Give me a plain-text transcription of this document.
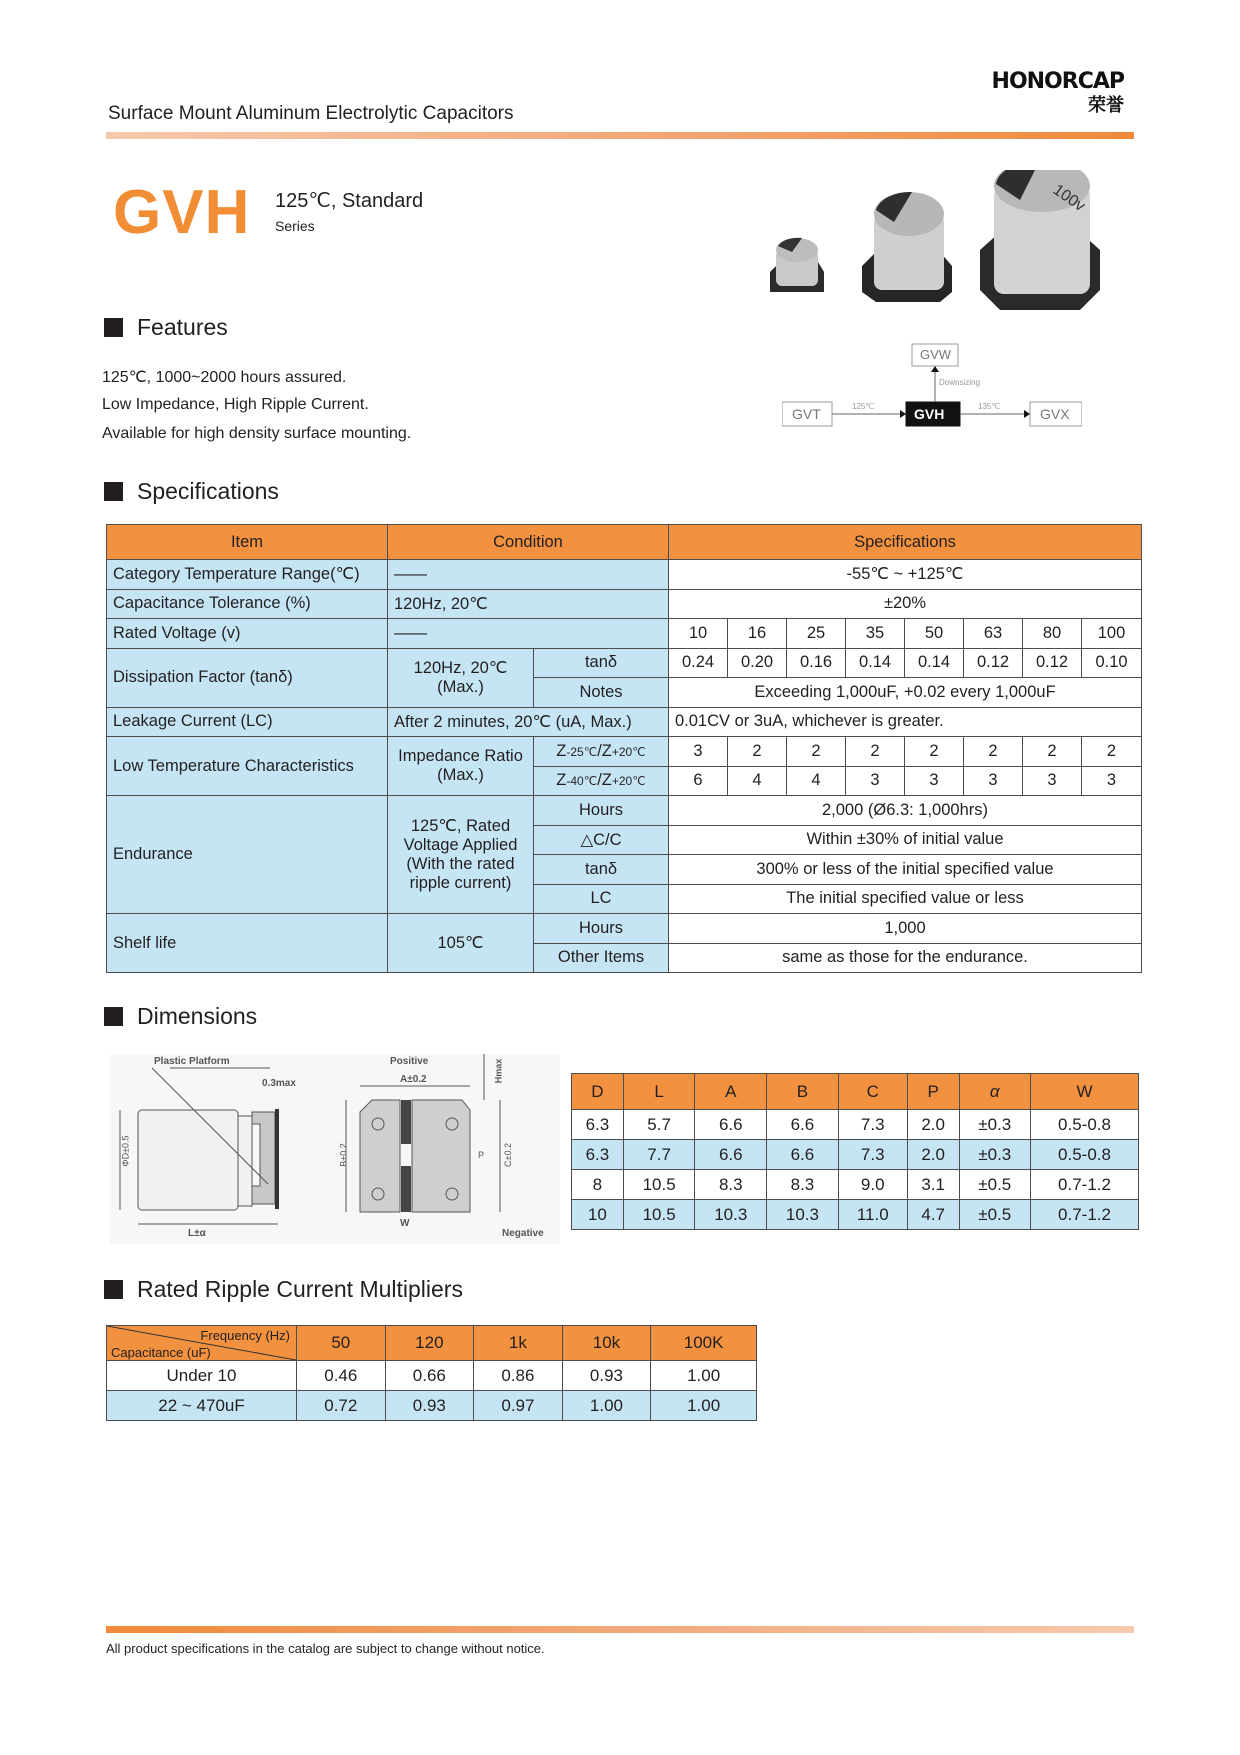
Surface Mount Aluminum Electrolytic Capacitors
HONORCAP
荣誉
GVH 125℃, Standard
Series
100v
GVW
GVT	GVH	GVX
Downsizing
125℃	135℃
Features
125℃, 1000~2000 hours assured.
Low Impedance, High Ripple Current.
Available for high density surface mounting.
Specifications
Item	Condition		Specifications							
Category Temperature Range(℃)	——		-55℃ ~ +125℃							
Capacitance Tolerance (%)	120Hz, 20℃		±20%							
Rated Voltage (v)	——		10	16	25	35	50	63	80	100
Dissipation Factor (tanδ)	120Hz, 20℃ (Max.)	tanδ	0.24	0.20	0.16	0.14	0.14	0.12	0.12	0.10
		Notes	Exceeding 1,000uF, +0.02 every 1,000uF							
Leakage Current (LC)	After 2 minutes, 20℃ (uA, Max.)		0.01CV or 3uA, whichever is greater.							
Low Temperature Characteristics	Impedance Ratio (Max.)	Z-25℃/Z+20℃	3	2	2	2	2	2	2	2
		Z-40℃/Z+20℃	6	4	4	3	3	3	3	3
Endurance	125℃, Rated Voltage Applied (With the rated ripple current)	Hours	2,000 (Ø6.3: 1,000hrs)							
		△C/C	Within ±30% of initial value							
		tanδ	300% or less of the initial specified value							
		LC	The initial specified value or less							
Shelf life	105℃	Hours	1,000							
		Other Items	same as those for the endurance.							
Dimensions
Plastic Platform
0.3max
ΦD±0.5
L±α
Positive
A±0.2	Hmax
B±0.2	C±0.2
P
W
Negative
D	L	A	B	C	P	α	W
6.3	5.7	6.6	6.6	7.3	2.0	±0.3	0.5-0.8
6.3	7.7	6.6	6.6	7.3	2.0	±0.3	0.5-0.8
8	10.5	8.3	8.3	9.0	3.1	±0.5	0.7-1.2
10	10.5	10.3	10.3	11.0	4.7	±0.5	0.7-1.2
Rated Ripple Current Multipliers
Frequency (Hz)
Capacitance (uF)	50	120	1k	10k	100K
Under 10	0.46	0.66	0.86	0.93	1.00
22 ~ 470uF	0.72	0.93	0.97	1.00	1.00
All product specifications in the catalog are subject to change without notice.
